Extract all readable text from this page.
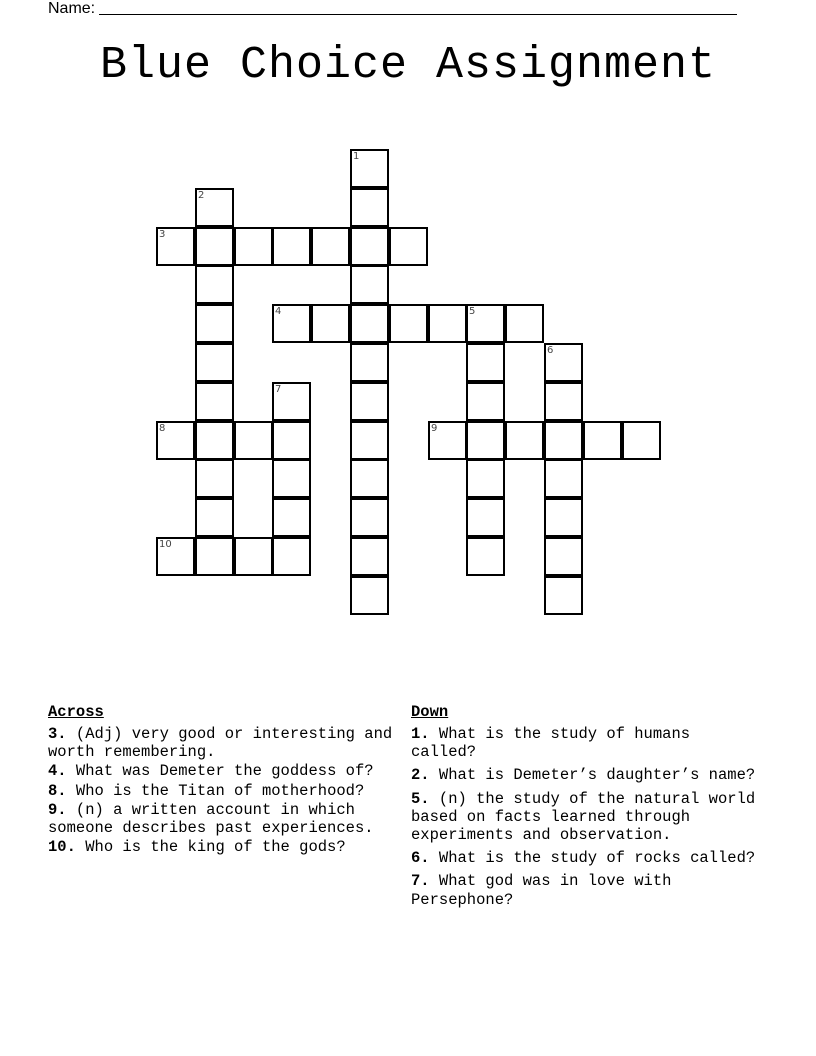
Name:
Blue Choice Assignment
1
2
3
4	5
6
7
8	9
10
Across
3. (Adj) very good or interesting and worth remembering.
4. What was Demeter the goddess of?
8. Who is the Titan of motherhood?
9. (n) a written account in which someone describes past experiences.
10. Who is the king of the gods?
Down
1. What is the study of humans called?
2. What is Demeter’s daughter’s name?
5. (n) the study of the natural world based on facts learned through experiments and observation.
6. What is the study of rocks called?
7. What god was in love with Persephone?
